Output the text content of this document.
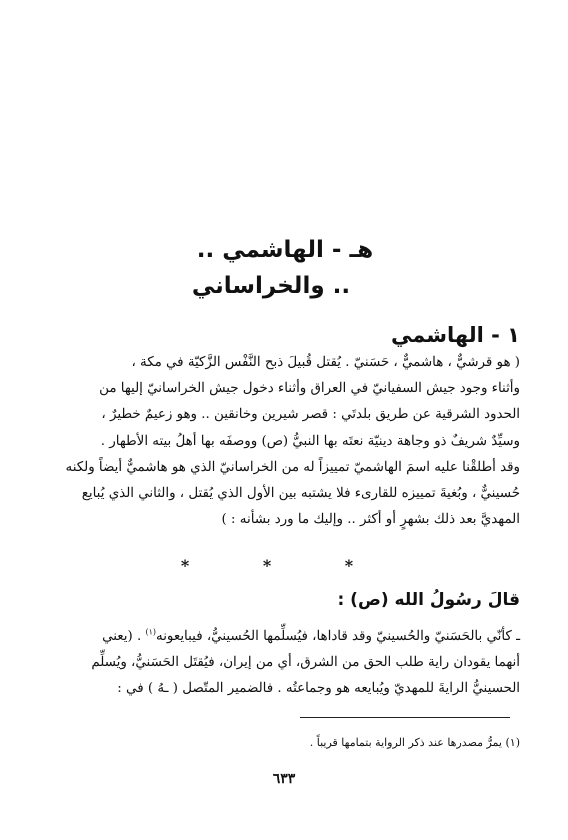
هـ - الهاشمي ..
.. والخراساني
١ - الهاشمي

( هو قرشيٌّ ، هاشميٌّ ، حَسَنيّ . يُقتل قُبيلَ ذبح النَّفْس الزَّكيّة في مكة ،

وأثناء وجود جيش السفيانيّ في العراق وأثناء دخول جيش الخراسانيّ إليها من

الحدود الشرقية عن طريق بلدتَي : قصر شيرين وخانقين .. وهو زعيمٌ خطيرٌ ،

وسيِّدٌ شريفٌ ذو وجاهة دينيّة نعتَه بها النبيُّ (ص) ووصفَه بها أهلُ بيته الأطهار .

وقد أطلقْنا عليه اسمَ الهاشميّ تمييزاً له من الخراسانيّ الذي هو هاشميٌّ أيضاً ولكنه

حُسينيٌّ ، وبُغيةَ تمييزه للقارىء فلا يشتبه بين الأول الذي يُقتل ، والثاني الذي يُبايع

المهديَّ بعد ذلك بشهرٍ أو أكثر .. وإليك ما ورد بشأنه : )

* * *
قالَ رسُولُ الله (ص) :

ـ كأنّي بالحَسَنيّ والحُسينيّ وقد قاداها، فيُسلِّمها الحُسينيُّ، فيبايعونه$^{(١)}$ . (يعني

أنهما يقودان راية طلب الحق من الشرق، أي من إيران، فيُقتَل الحَسَنيُّ، ويُسلِّم

الحسينيُّ الرايةَ للمهديّ ويُبايعه هو وجماعتُه . فالضمير المتّصل ( ـهُ ) في :

(١) يمرُّ مصدرها عند ذكر الرواية بتمامها قريباً .
٦٣٣
